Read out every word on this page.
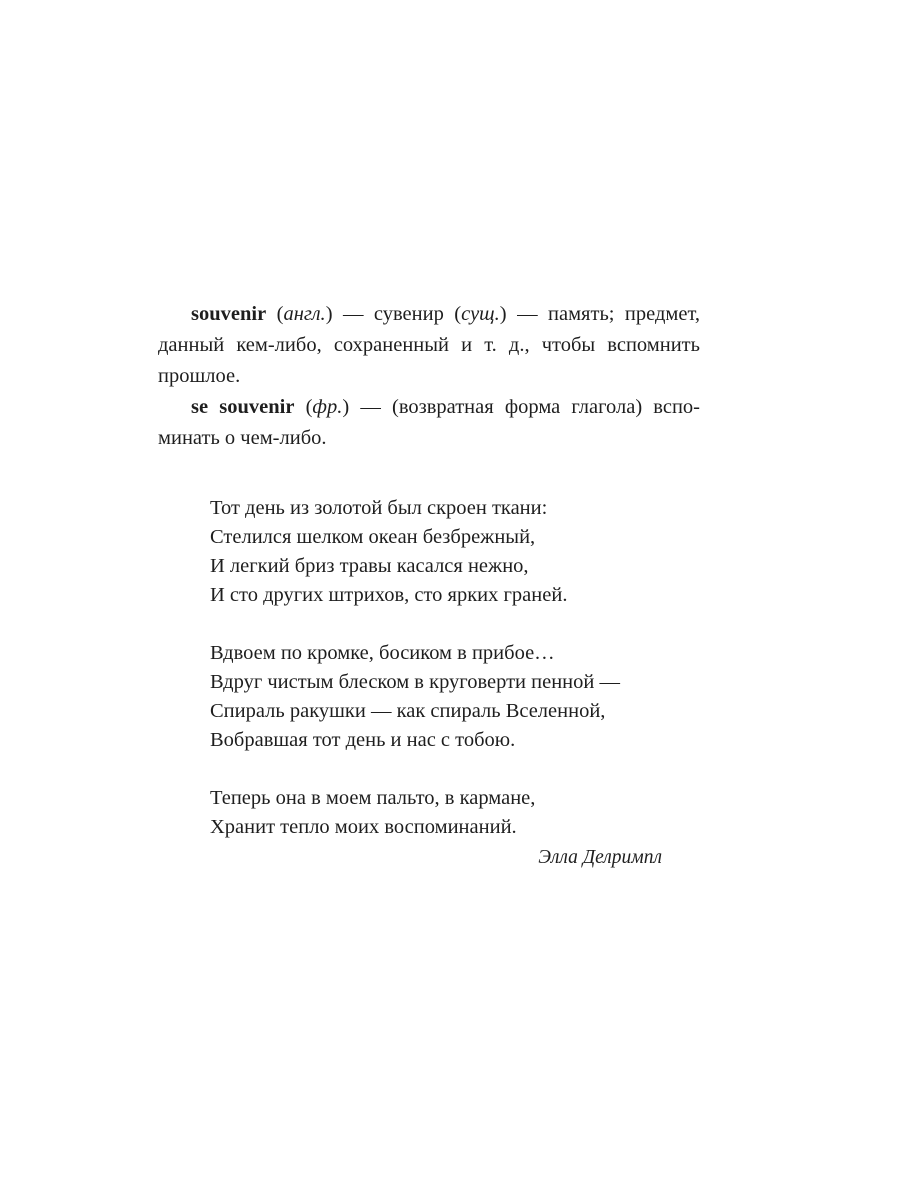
souvenir (англ.) — сувенир (сущ.) — память; предмет,
данный кем-либо, сохраненный и т. д., чтобы вспомнить
прошлое.
se souvenir (фр.) — (возвратная форма глагола) вспо-
минать о чем-либо.
Тот день из золотой был скроен ткани:
Стелился шелком океан безбрежный,
И легкий бриз травы касался нежно,
И сто других штрихов, сто ярких граней.
Вдвоем по кромке, босиком в прибое…
Вдруг чистым блеском в круговерти пенной —
Спираль ракушки — как спираль Вселенной,
Вобравшая тот день и нас с тобою.
Теперь она в моем пальто, в кармане,
Хранит тепло моих воспоминаний.
Элла Делримпл
